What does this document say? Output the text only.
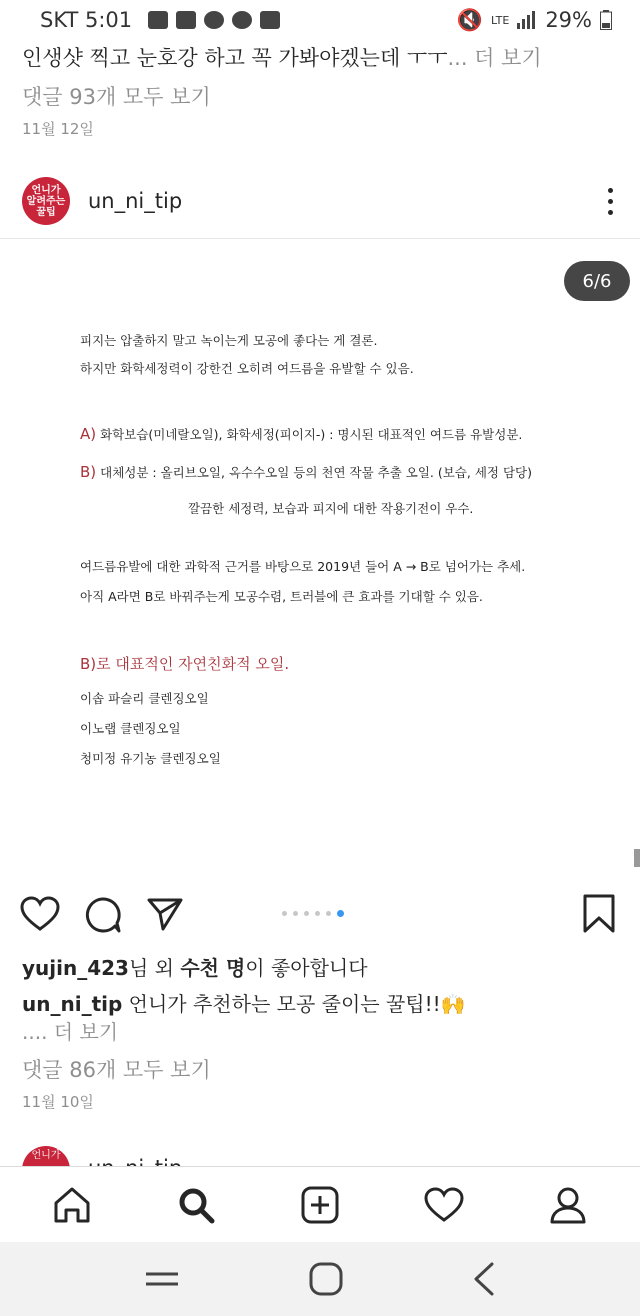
SKT 5:01	🔇 LTE 29%
인생샷 찍고 눈호강 하고 꼭 가봐야겠는데 ㅜㅜ... 더 보기
댓글 93개 모두 보기
11월 12일
언니가
알려주는
꿀팁	un_ni_tip
6/6
피지는 압출하지 말고 녹이는게 모공에 좋다는 게 결론.
하지만 화학세정력이 강한건 오히려 여드름을 유발할 수 있음.
A) 화학보습(미네랄오일), 화학세정(피이지-) : 명시된 대표적인 여드름 유발성분.
B) 대체성분 : 올리브오일, 옥수수오일 등의 천연 작물 추출 오일. (보습, 세정 담당)
깔끔한 세정력, 보습과 피지에 대한 작용기전이 우수.
여드름유발에 대한 과학적 근거를 바탕으로 2019년 들어 A → B로 넘어가는 추세.
아직 A라면 B로 바꿔주는게 모공수렴, 트러블에 큰 효과를 기대할 수 있음.
B)로 대표적인 자연친화적 오일.
이솝 파슬리 클렌징오일
이노랩 클렌징오일
청미정 유기농 클렌징오일
yujin_423님 외 수천 명이 좋아합니다
un_ni_tip 언니가 추천하는 모공 줄이는 꿀팁!!🙌
.... 더 보기
댓글 86개 모두 보기
11월 10일
언니가
